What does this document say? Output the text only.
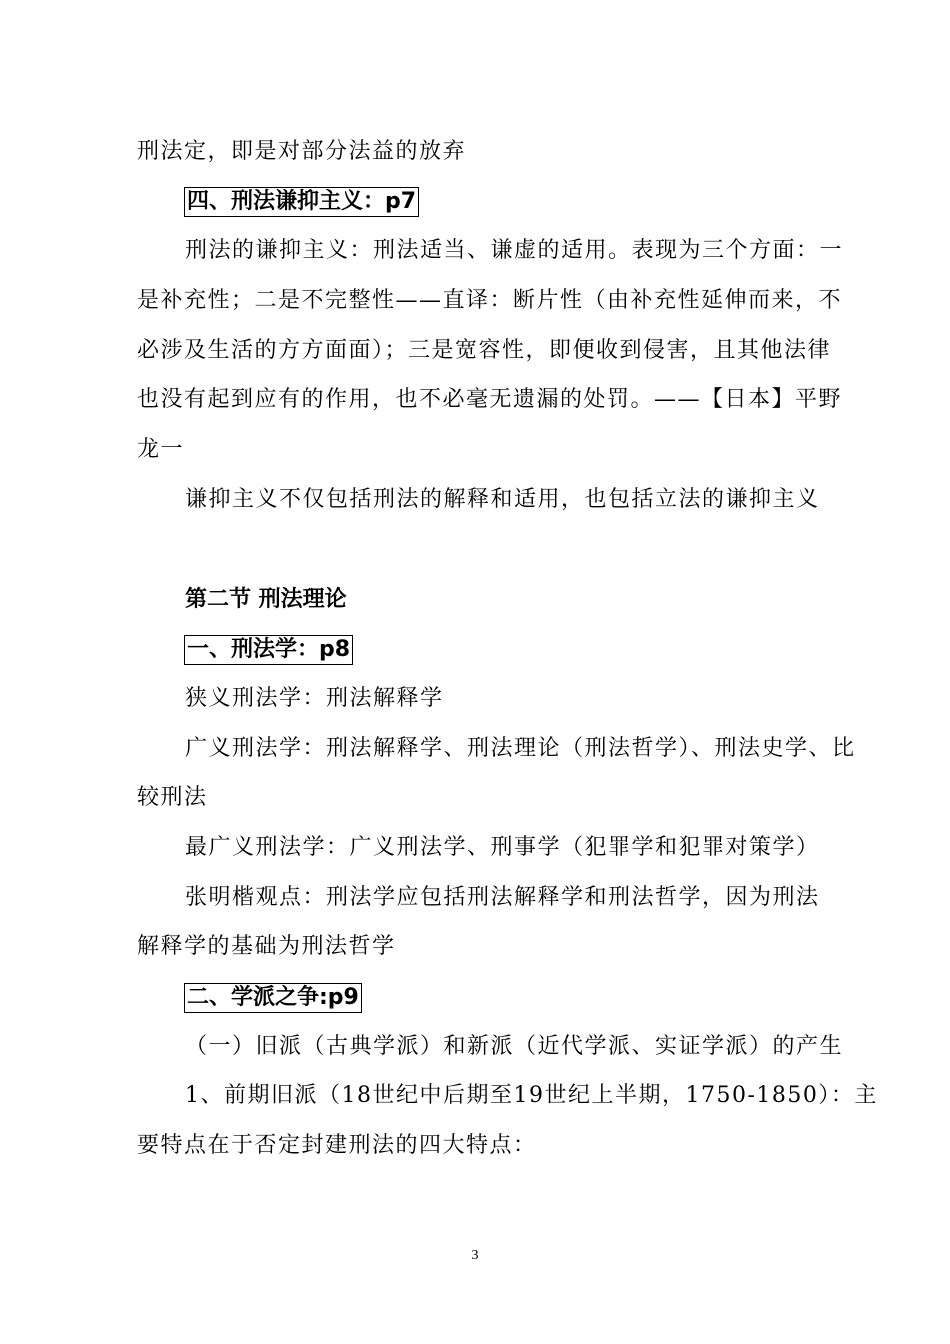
刑法定，即是对部分法益的放弃
四、刑法谦抑主义：p7
刑法的谦抑主义：刑法适当、谦虚的适用。表现为三个方面：一
是补充性；二是不完整性——直译：断片性（由补充性延伸而来，不
必涉及生活的方方面面）；三是宽容性，即便收到侵害，且其他法律
也没有起到应有的作用，也不必毫无遗漏的处罚。——【日本】平野
龙一
谦抑主义不仅包括刑法的解释和适用，也包括立法的谦抑主义
第二节 刑法理论
一、刑法学：p8
狭义刑法学：刑法解释学
广义刑法学：刑法解释学、刑法理论（刑法哲学）、刑法史学、比
较刑法
最广义刑法学：广义刑法学、刑事学（犯罪学和犯罪对策学）
张明楷观点：刑法学应包括刑法解释学和刑法哲学，因为刑法
解释学的基础为刑法哲学
二、学派之争:p9
（一）旧派（古典学派）和新派（近代学派、实证学派）的产生
1、前期旧派（18世纪中后期至19世纪上半期，1750-1850）：主
要特点在于否定封建刑法的四大特点：
3
